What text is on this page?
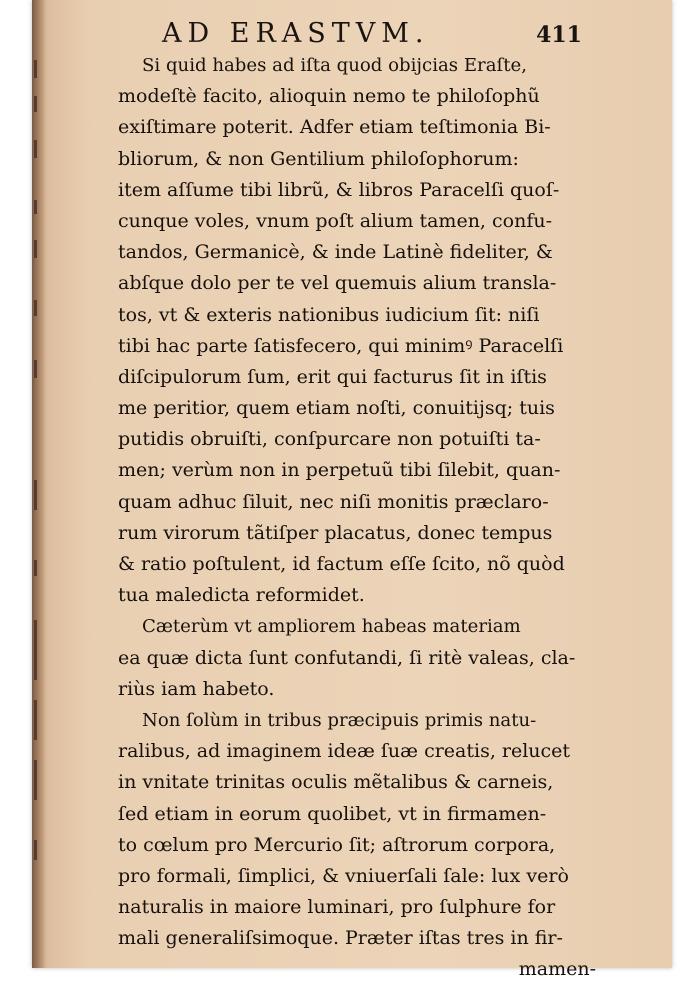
AD ERASTVM.	411
Si quid habes ad iſta quod obijcias Eraſte,
modeſtè facito, alioquin nemo te philoſophũ
exiſtimare poterit. Adfer etiam teſtimonia Bi-
bliorum, & non Gentilium philoſophorum:
item aſſume tibi librũ, & libros Paracelſi quoſ-
cunque voles, vnum poſt alium tamen, confu-
tandos, Germanicè, & inde Latinè fideliter, &
abſque dolo per te vel quemuis alium transla-
tos, vt & exteris nationibus iudicium ſit: niſi
tibi hac parte ſatisfecero, qui minimꝰ Paracelſi
diſcipulorum ſum, erit qui facturus ſit in iſtis
me peritior, quem etiam noſti, conuitijsq; tuis
putidis obruiſti, conſpurcare non potuiſti ta-
men; verùm non in perpetuũ tibi ſilebit, quan-
quam adhuc ſiluit, nec niſi monitis præclaro-
rum virorum tãtiſper placatus, donec tempus
& ratio poſtulent, id factum eſſe ſcito, nõ quòd
tua maledicta reformidet.
Cæterùm vt ampliorem habeas materiam
ea quæ dicta ſunt confutandi, ſi ritè valeas, cla-
riùs iam habeto.
Non ſolùm in tribus præcipuis primis natu-
ralibus, ad imaginem ideæ ſuæ creatis, relucet
in vnitate trinitas oculis mẽtalibus & carneis,
ſed etiam in eorum quolibet, vt in firmamen-
to cœlum pro Mercurio ſit; aſtrorum corpora,
pro formali, ſimplici, & vniuerſali ſale: lux verò
naturalis in maiore luminari, pro ſulphure for
mali generaliſsimoque. Præter iſtas tres in fir-
mamen-
